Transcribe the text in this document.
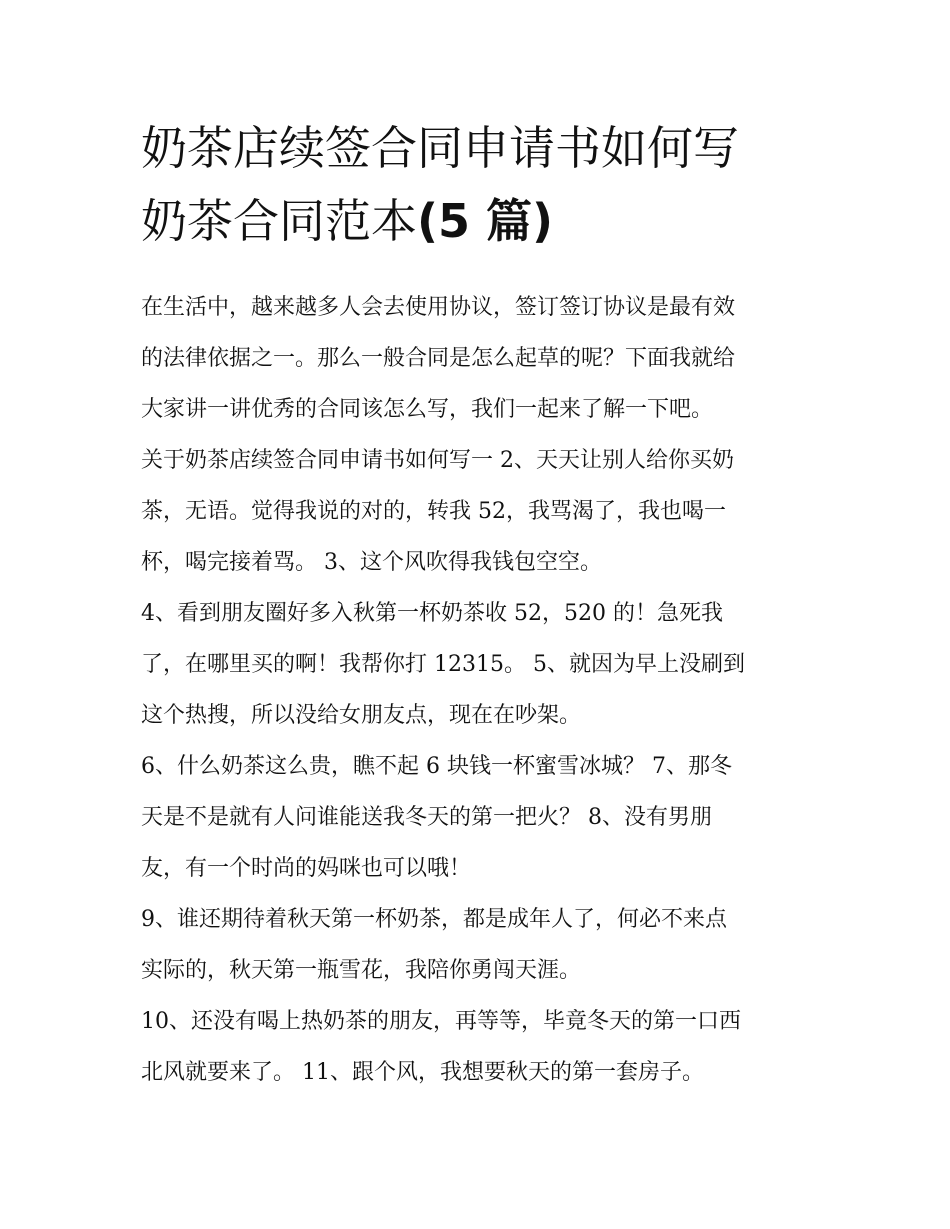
奶茶店续签合同申请书如何写
奶茶合同范本(5 篇)
在生活中，越来越多人会去使用协议，签订签订协议是最有效
的法律依据之一。那么一般合同是怎么起草的呢？下面我就给
大家讲一讲优秀的合同该怎么写，我们一起来了解一下吧。
关于奶茶店续签合同申请书如何写一 2、天天让别人给你买奶
茶，无语。觉得我说的对的，转我 52，我骂渴了，我也喝一
杯，喝完接着骂。 3、这个风吹得我钱包空空。
4、看到朋友圈好多入秋第一杯奶茶收 52，520 的！急死我
了，在哪里买的啊！我帮你打 12315。 5、就因为早上没刷到
这个热搜，所以没给女朋友点，现在在吵架。
6、什么奶茶这么贵，瞧不起 6 块钱一杯蜜雪冰城？ 7、那冬
天是不是就有人问谁能送我冬天的第一把火？ 8、没有男朋
友，有一个时尚的妈咪也可以哦！
9、谁还期待着秋天第一杯奶茶，都是成年人了，何必不来点
实际的，秋天第一瓶雪花，我陪你勇闯天涯。
10、还没有喝上热奶茶的朋友，再等等，毕竟冬天的第一口西
北风就要来了。 11、跟个风，我想要秋天的第一套房子。
